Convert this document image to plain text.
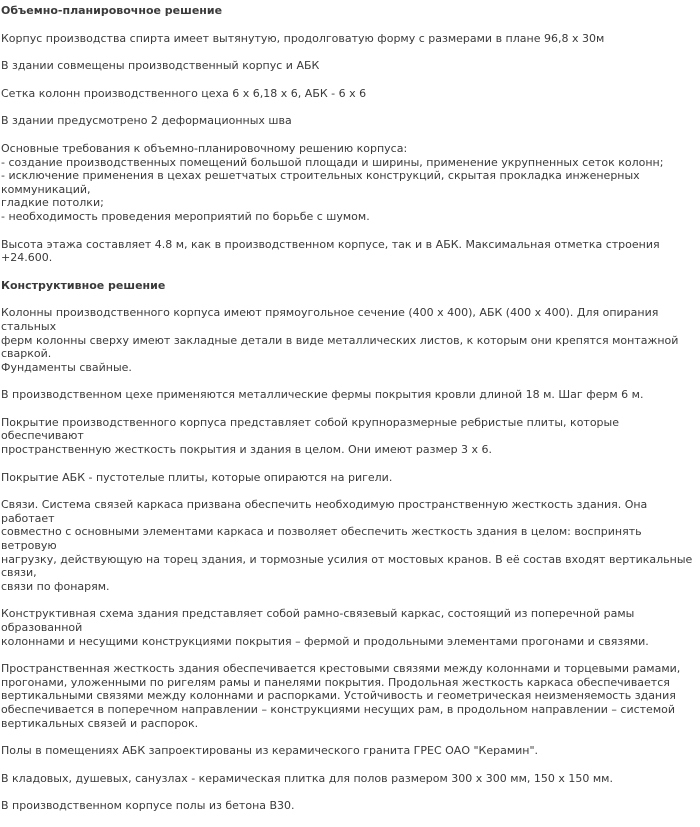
Объемно-планировочное решение
Корпус производства спирта имеет вытянутую, продолговатую форму с размерами в плане 96,8 х 30м
В здании совмещены производственный корпус и АБК
Сетка колонн производственного цеха 6 х 6,18 х 6, АБК - 6 х 6
В здании предусмотрено 2 деформационных шва
Основные требования к объемно-планировочному решению корпуса:
- создание производственных помещений большой площади и ширины, применение укрупненных сеток колонн;
- исключение применения в цехах решетчатых строительных конструкций, скрытая прокладка инженерных коммуникаций,
гладкие потолки;
- необходимость проведения мероприятий по борьбе с шумом.
Высота этажа составляет 4.8 м, как в производственном корпусе, так и в АБК. Максимальная отметка строения +24.600.
Конструктивное решение
Колонны производственного корпуса имеют прямоугольное сечение (400 х 400), АБК (400 х 400). Для опирания стальных
ферм колонны сверху имеют закладные детали в виде металлических листов, к которым они крепятся монтажной сваркой.
Фундаменты свайные.
В производственном цехе применяются металлические фермы покрытия кровли длиной 18 м. Шаг ферм 6 м.
Покрытие производственного корпуса представляет собой крупноразмерные ребристые плиты, которые обеспечивают
пространственную жесткость покрытия и здания в целом. Они имеют размер 3 х 6.
Покрытие АБК - пустотелые плиты, которые опираются на ригели.
Связи. Система связей каркаса призвана обеспечить необходимую пространственную жесткость здания. Она работает
совместно с основными элементами каркаса и позволяет обеспечить жесткость здания в целом: воспринять ветровую
нагрузку, действующую на торец здания, и тормозные усилия от мостовых кранов. В её состав входят вертикальные связи,
связи по фонарям.
Конструктивная схема здания представляет собой рамно-связевый каркас, состоящий из поперечной рамы образованной
колоннами и несущими конструкциями покрытия – фермой и продольными элементами прогонами и связями.
Пространственная жесткость здания обеспечивается крестовыми связями между колоннами и торцевыми рамами,
прогонами, уложенными по ригелям рамы и панелями покрытия. Продольная жесткость каркаса обеспечивается
вертикальными связями между колоннами и распорками. Устойчивость и геометрическая неизменяемость здания
обеспечивается в поперечном направлении – конструкциями несущих рам, в продольном направлении – системой
вертикальных связей и распорок.
Полы в помещениях АБК запроектированы из керамического гранита ГРЕС ОАО "Керамин".
В кладовых, душевых, санузлах - керамическая плитка для полов размером 300 х 300 мм, 150 х 150 мм.
В производственном корпусе полы из бетона В30.
